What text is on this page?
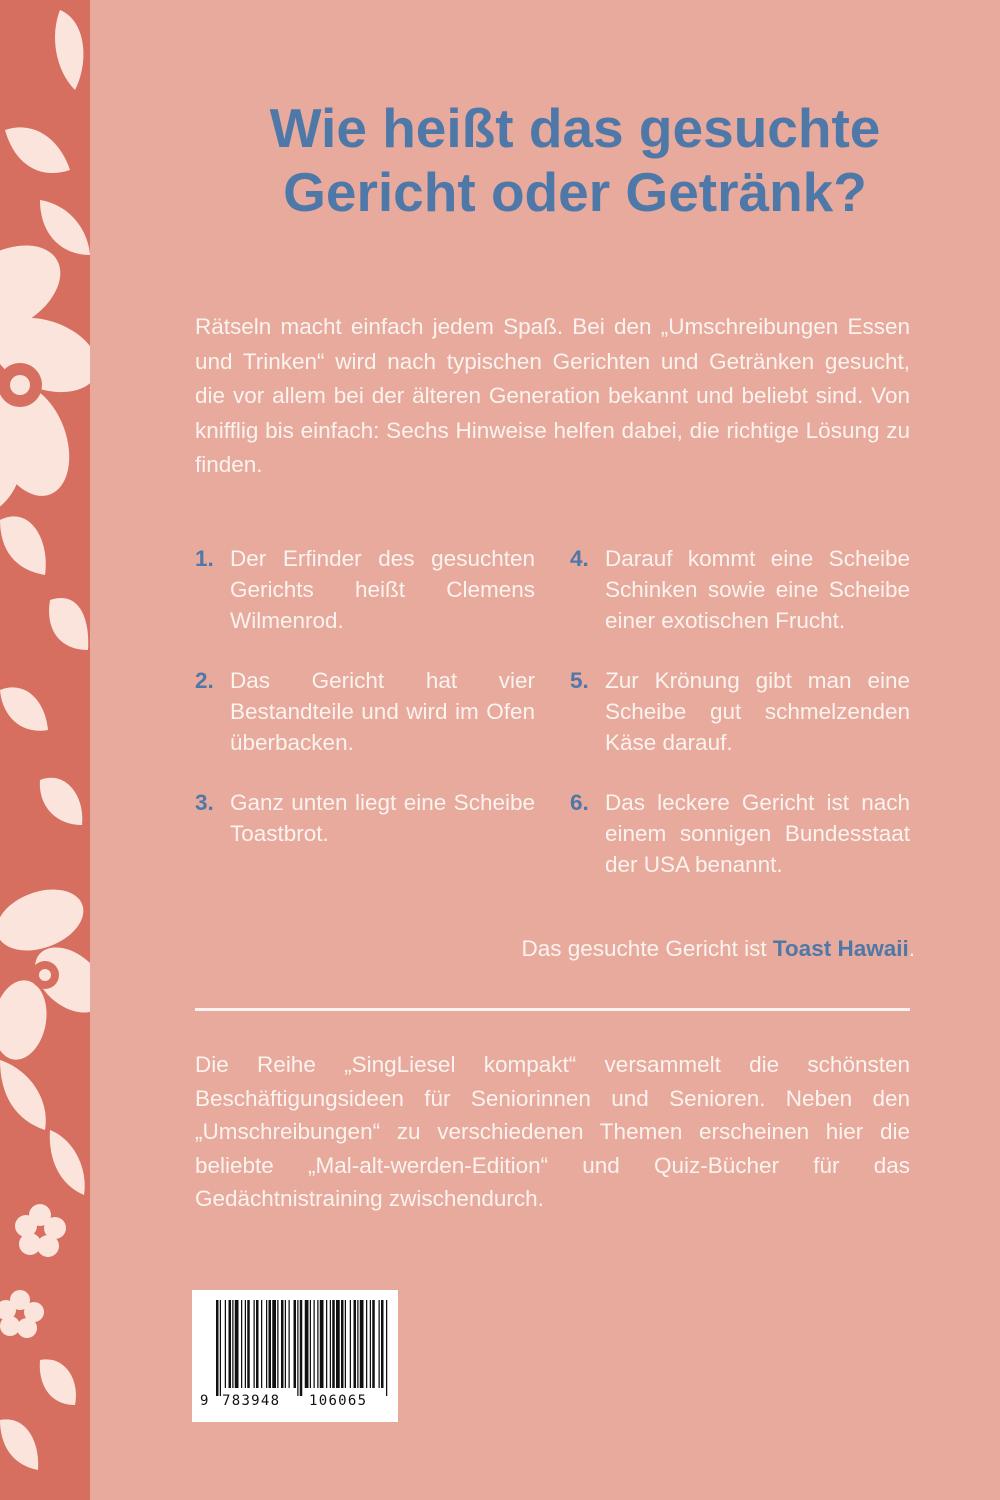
Wie heißt das gesuchte
Gericht oder Getränk?

Rätseln macht einfach jedem Spaß. Bei den „Umschreibungen Essen und Trinken“ wird nach typischen Gerichten und Getränken gesucht, die vor allem bei der älteren Generation bekannt und beliebt sind. Von knifflig bis einfach: Sechs Hinweise helfen dabei, die richtige Lösung zu finden.

1. Der Erfinder des gesuchten Gerichts heißt Clemens Wilmenrod.

2. Das Gericht hat vier Bestandteile und wird im Ofen überbacken.

3. Ganz unten liegt eine Scheibe Toastbrot.

4. Darauf kommt eine Scheibe Schinken sowie eine Scheibe einer exotischen Frucht.

5. Zur Krönung gibt man eine Scheibe gut schmelzenden Käse darauf.

6. Das leckere Gericht ist nach einem sonnigen Bundesstaat der USA benannt.

Das gesuchte Gericht ist Toast Hawaii.

Die Reihe „SingLiesel kompakt“ versammelt die schönsten Beschäftigungsideen für Seniorinnen und Senioren. Neben den „Umschreibungen“ zu verschiedenen Themen erscheinen hier die beliebte „Mal-alt-werden-Edition“ und Quiz-Bücher für das Gedächtnistraining zwischendurch.

9 783948 106065
